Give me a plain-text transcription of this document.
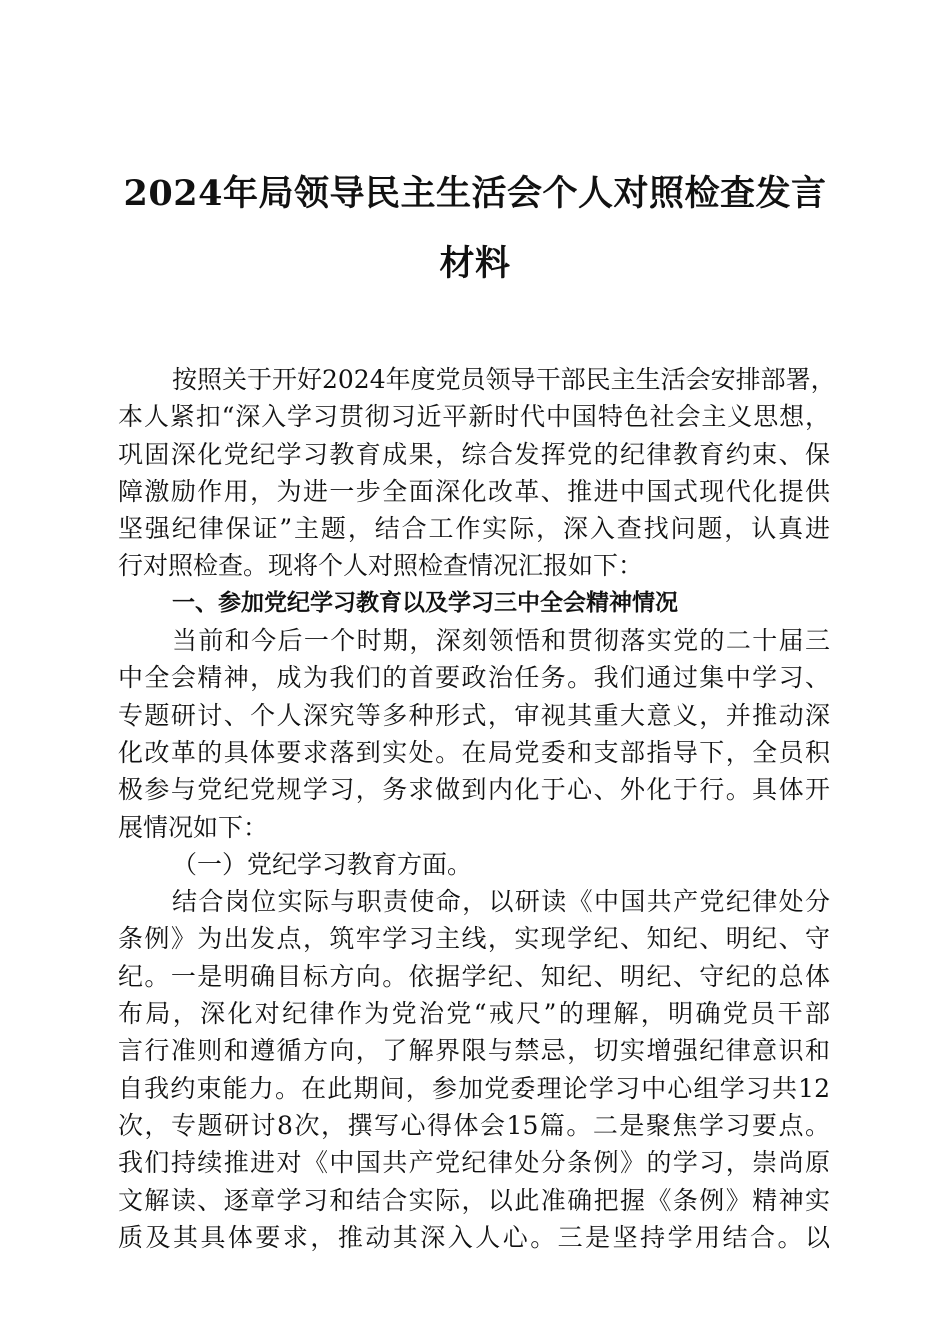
2024年局领导民主生活会个人对照检查发言
材料
按照关于开好2024年度党员领导干部民主生活会安排部署，
本人紧扣“深入学习贯彻习近平新时代中国特色社会主义思想，
巩固深化党纪学习教育成果，综合发挥党的纪律教育约束、保
障激励作用，为进一步全面深化改革、推进中国式现代化提供
坚强纪律保证”主题，结合工作实际，深入查找问题，认真进
行对照检查。现将个人对照检查情况汇报如下：
一、参加党纪学习教育以及学习三中全会精神情况
当前和今后一个时期，深刻领悟和贯彻落实党的二十届三
中全会精神，成为我们的首要政治任务。我们通过集中学习、
专题研讨、个人深究等多种形式，审视其重大意义，并推动深
化改革的具体要求落到实处。在局党委和支部指导下，全员积
极参与党纪党规学习，务求做到内化于心、外化于行。具体开
展情况如下：
（一）党纪学习教育方面。
结合岗位实际与职责使命，以研读《中国共产党纪律处分
条例》为出发点，筑牢学习主线，实现学纪、知纪、明纪、守
纪。一是明确目标方向。依据学纪、知纪、明纪、守纪的总体
布局，深化对纪律作为党治党“戒尺”的理解，明确党员干部
言行准则和遵循方向，了解界限与禁忌，切实增强纪律意识和
自我约束能力。在此期间，参加党委理论学习中心组学习共12
次，专题研讨8次，撰写心得体会15篇。二是聚焦学习要点。
我们持续推进对《中国共产党纪律处分条例》的学习，崇尚原
文解读、逐章学习和结合实际，以此准确把握《条例》精神实
质及其具体要求，推动其深入人心。三是坚持学用结合。以
